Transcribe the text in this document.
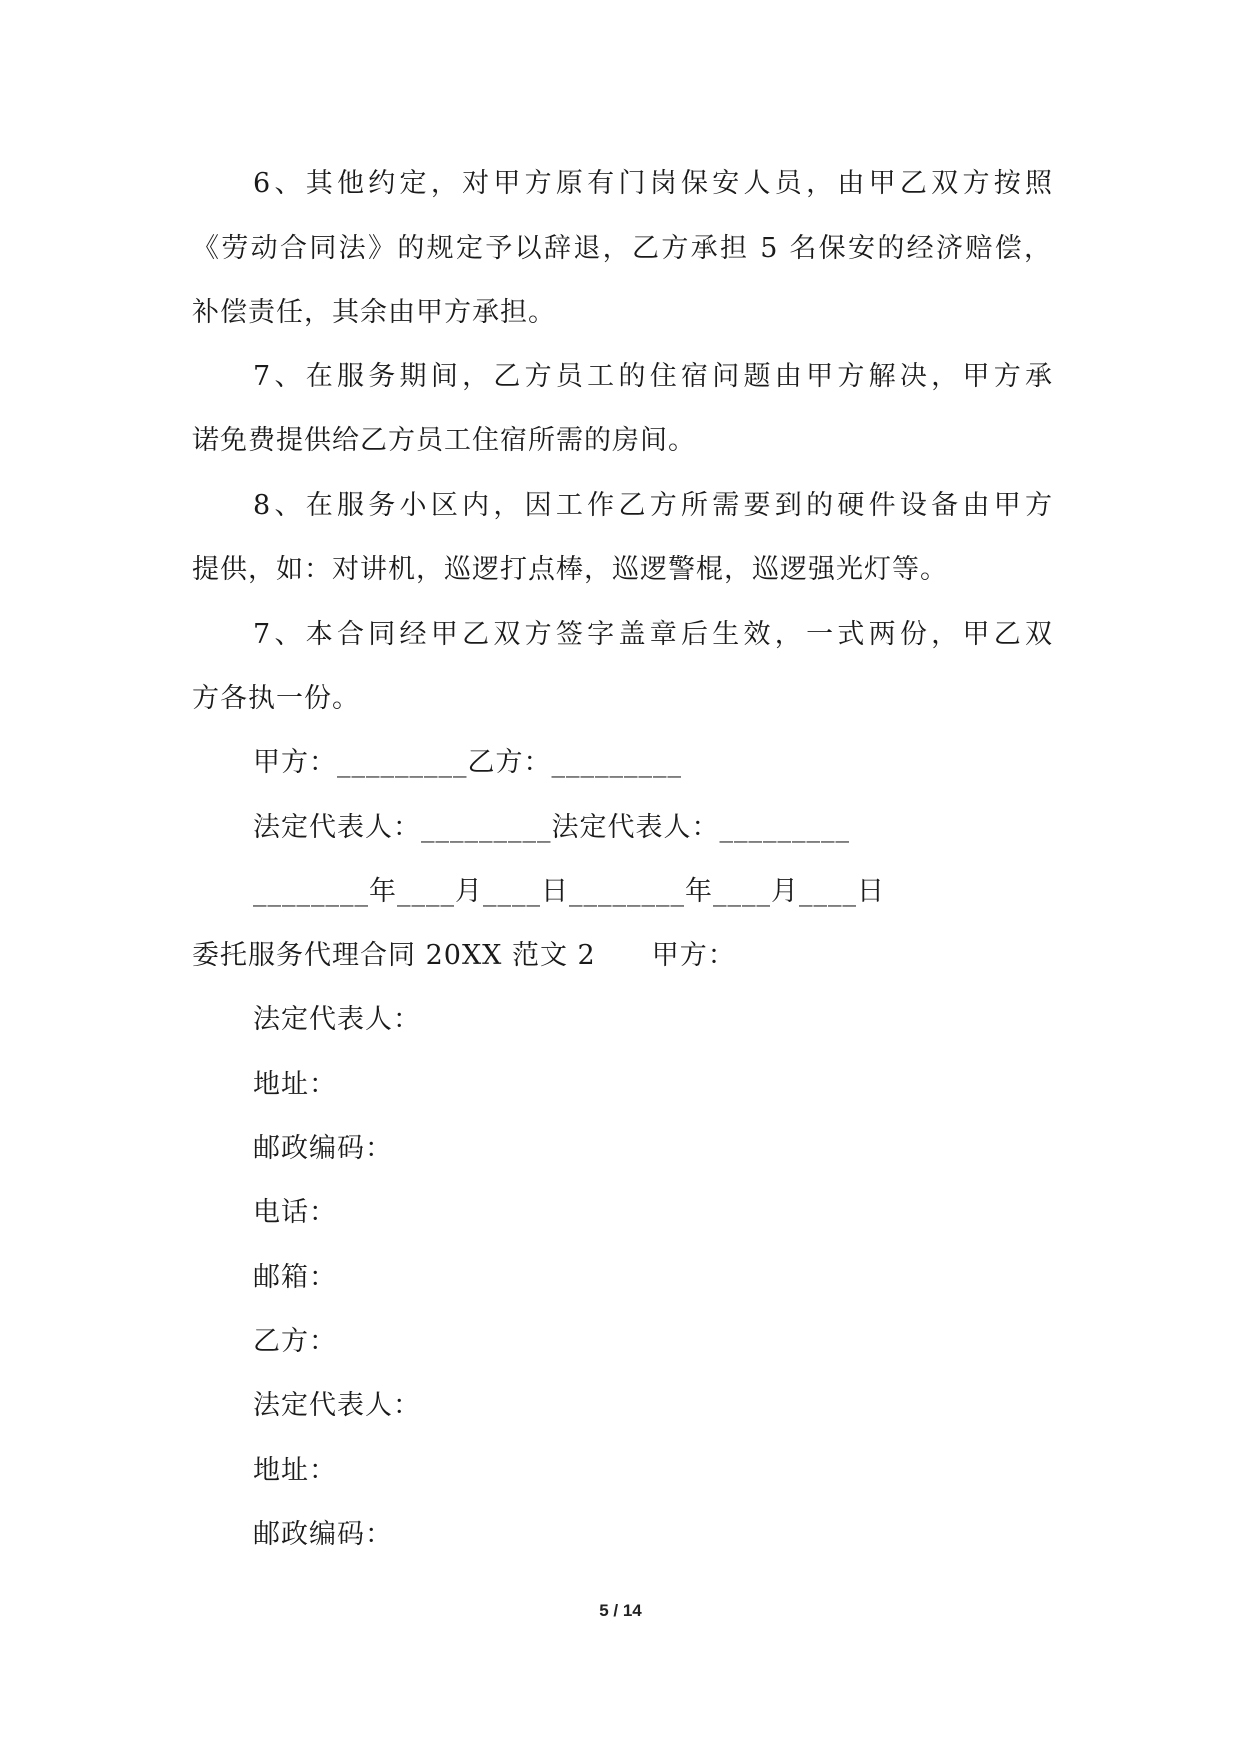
6、其他约定，对甲方原有门岗保安人员，由甲乙双方按照
《劳动合同法》的规定予以辞退，乙方承担 5 名保安的经济赔偿，
补偿责任，其余由甲方承担。
7、在服务期间，乙方员工的住宿问题由甲方解决，甲方承
诺免费提供给乙方员工住宿所需的房间。
8、在服务小区内，因工作乙方所需要到的硬件设备由甲方
提供，如：对讲机，巡逻打点棒，巡逻警棍，巡逻强光灯等。
7、本合同经甲乙双方签字盖章后生效，一式两份，甲乙双
方各执一份。
甲方：_________乙方：_________
法定代表人：_________法定代表人：_________
________年____月____日________年____月____日
委托服务代理合同 20XX 范文 2　　甲方：
法定代表人：
地址：
邮政编码：
电话：
邮箱：
乙方：
法定代表人：
地址：
邮政编码：
5 / 14
